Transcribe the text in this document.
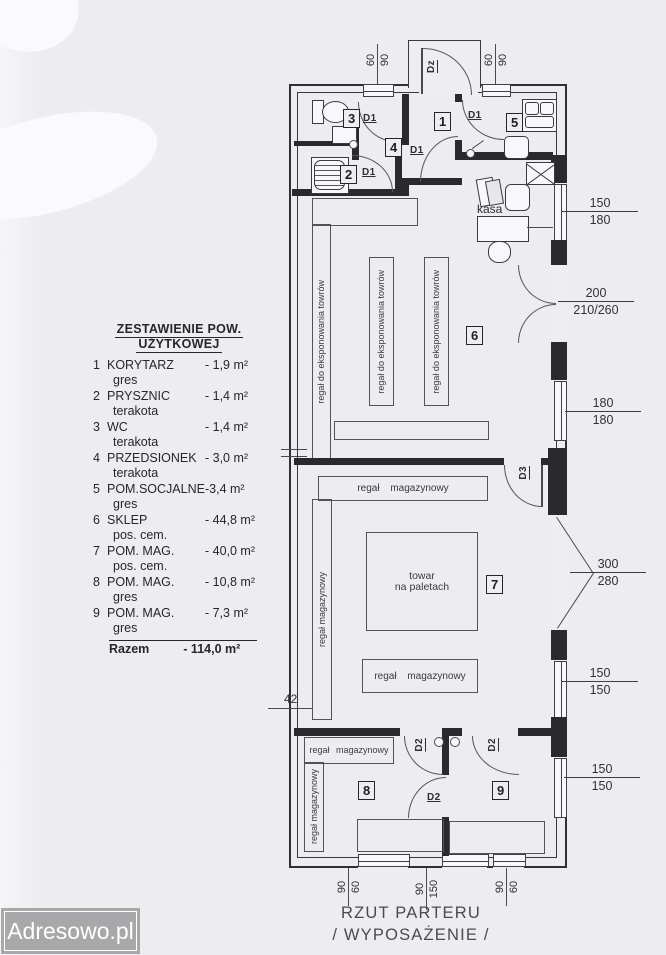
ZESTAWIENIE POW.
UŻYTKOWEJ
1 KORYTARZ	- 1,9 m²
gres
2 PRYSZNIC	- 1,4 m²
terakota
3 WC	- 1,4 m²
terakota
4 PRZEDSIONEK - 3,0 m²
terakota
5 POM.SOCJALNE -3,4 m²
gres
6 SKLEP	- 44,8 m²
pos. cem.
7 POM. MAG.	- 40,0 m²
pos. cem.
8 POM. MAG.	- 10,8 m²
gres
9 POM. MAG.	- 7,3 m²
gres
Razem	- 114,0 m²
Dz
1
3
4
2
5
D1
D1
D1
D1
kasa
regał do eksponowania towrów	regał do eksponowania towrów	regał do eksponowania towrów	6
D3
regał magazynowy
regał magazynowy	towar
na paletach
regał magazynowy
7
42
D2	D2
D2
regał magazynowy
regał magazynowy	8	9
60 90	60 90
150
180
200
210/260
180
180
300
280
150
150
150
150
90 60	90 150	90 60
RZUT PARTERU
/ WYPOSAŻENIE /
Adresowo.pl
